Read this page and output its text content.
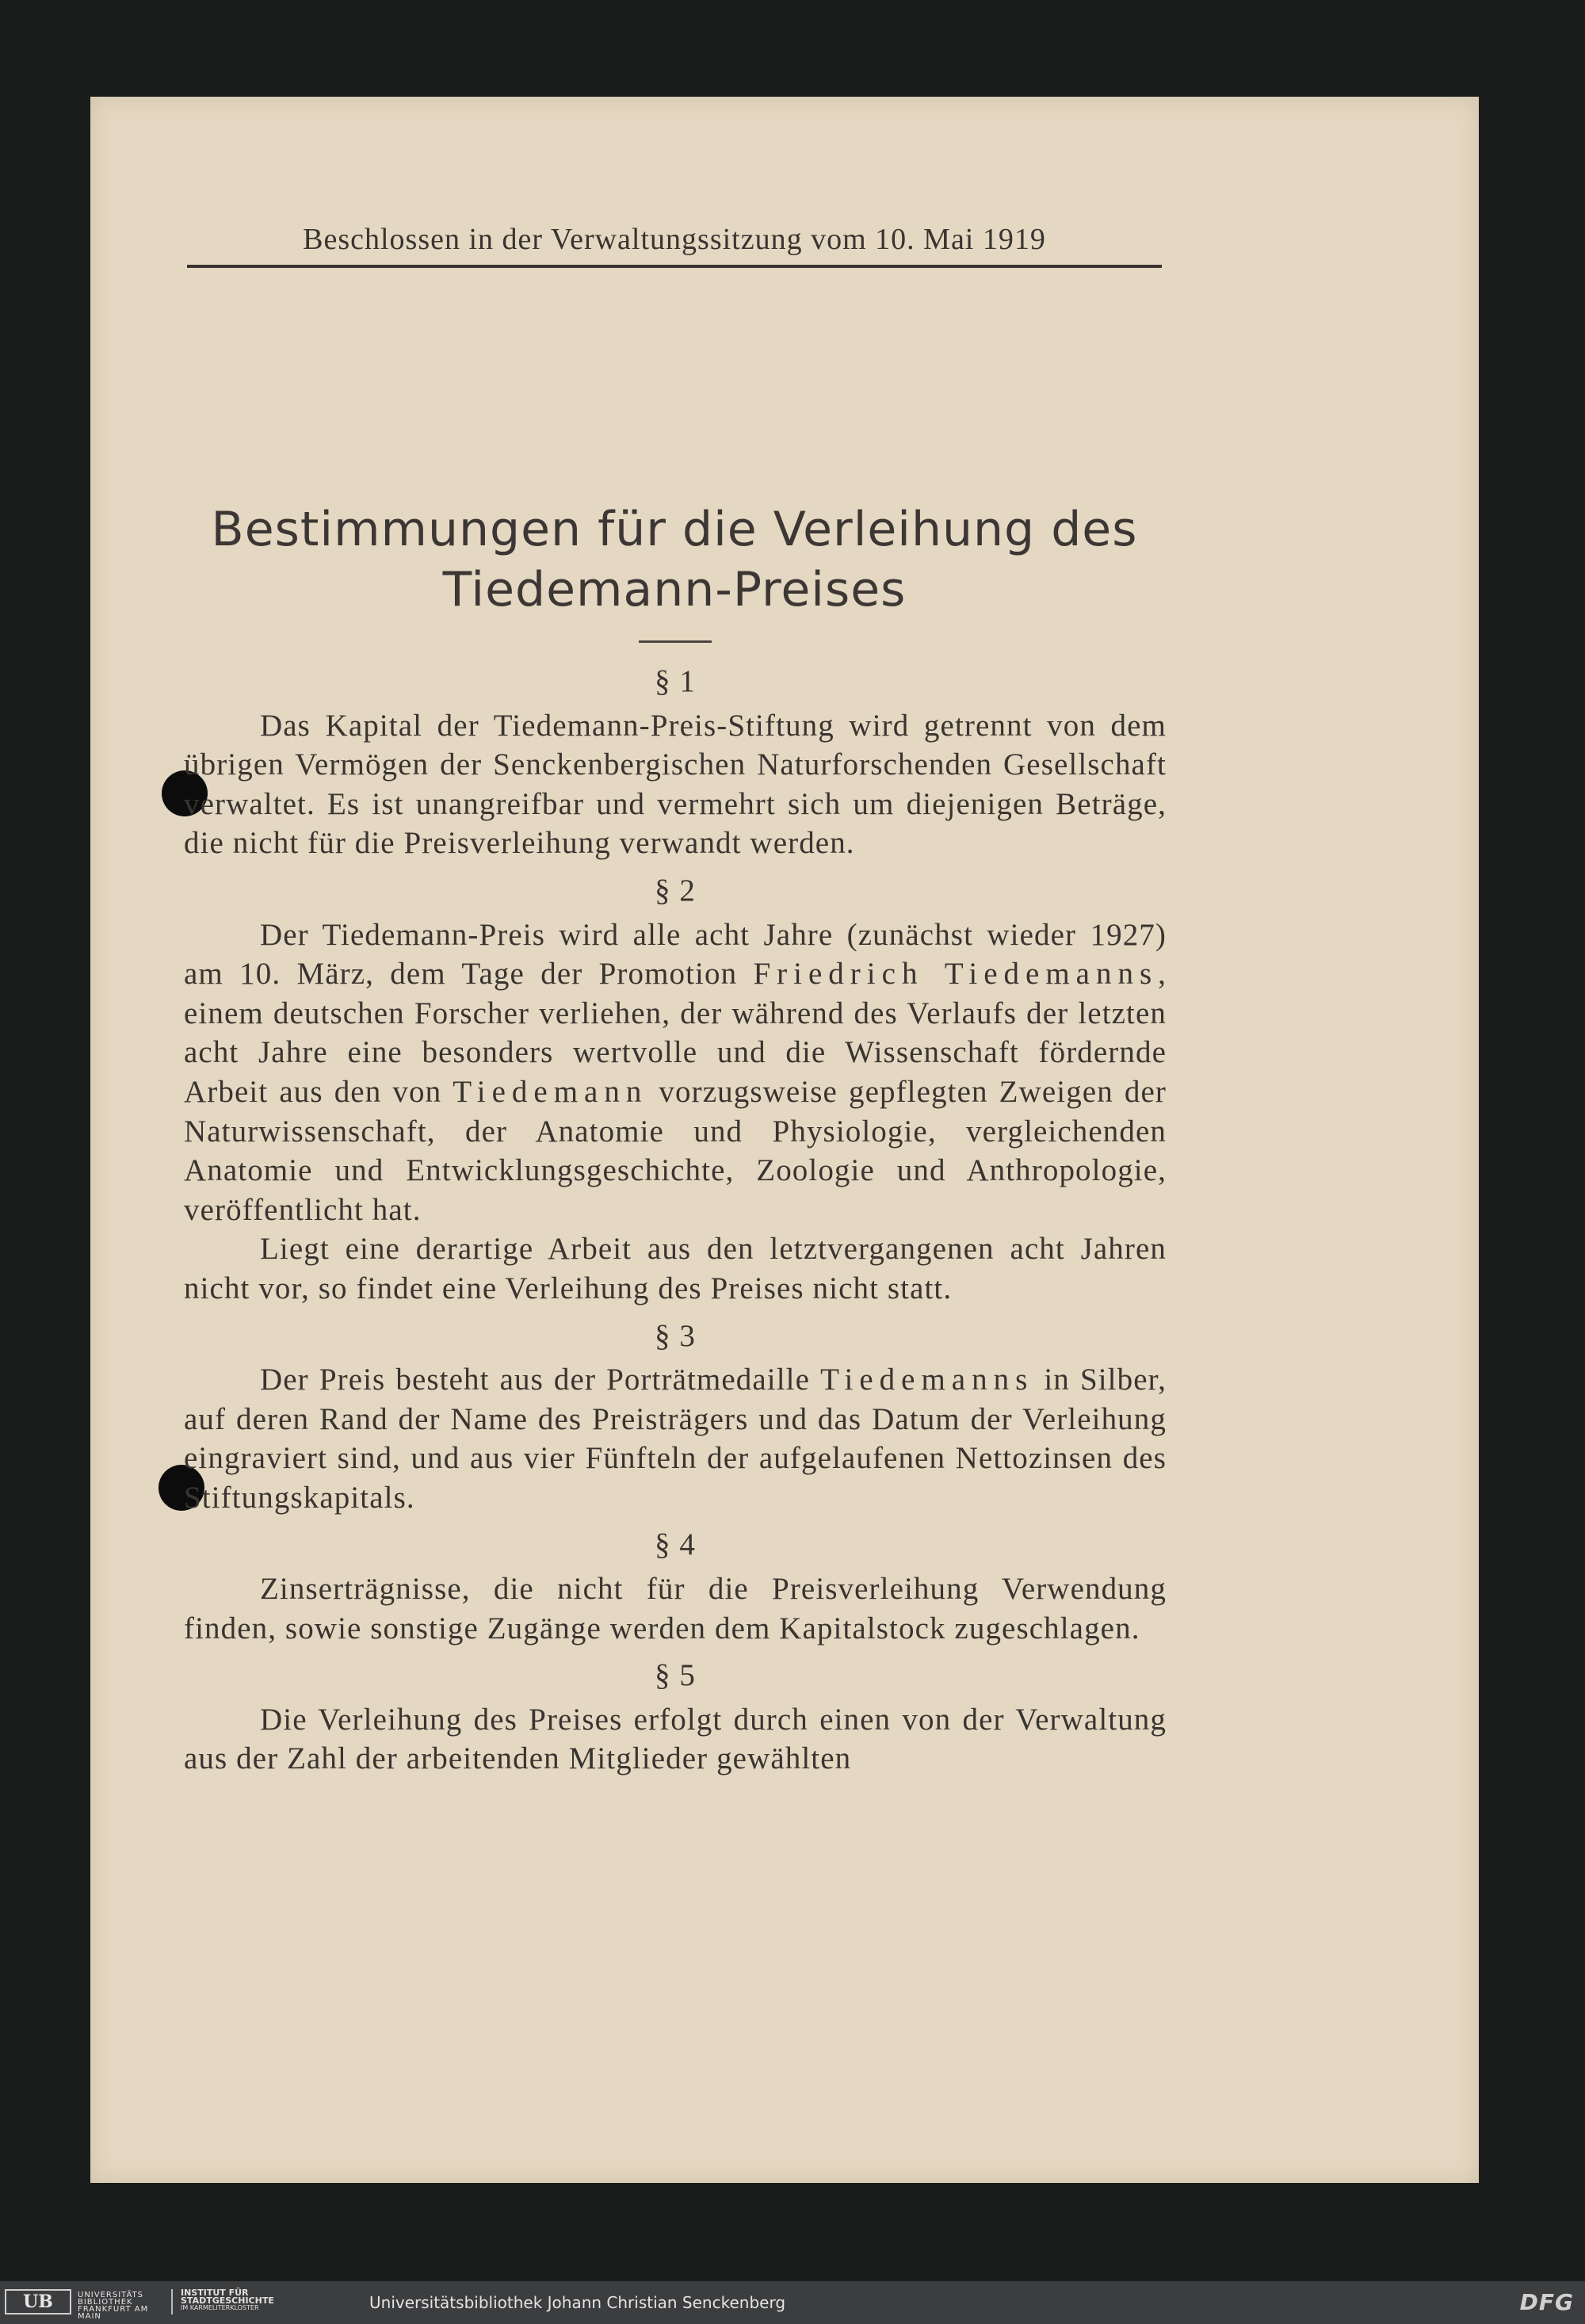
Beschlossen in der Verwaltungssitzung vom 10. Mai 1919
Bestimmungen für die Verleihung des
Tiedemann-Preises
§ 1

Das Kapital der Tiedemann-Preis-Stiftung wird getrennt von dem übrigen Vermögen der Senckenbergischen Naturforschenden Gesellschaft verwaltet. Es ist unangreifbar und vermehrt sich um diejenigen Beträge, die nicht für die Preisverleihung verwandt werden.

§ 2

Der Tiedemann-Preis wird alle acht Jahre (zunächst wieder 1927) am 10. März, dem Tage der Promotion Friedrich Tiedemanns, einem deutschen Forscher verliehen, der während des Verlaufs der letzten acht Jahre eine besonders wertvolle und die Wissenschaft fördernde Arbeit aus den von Tiedemann vorzugsweise gepflegten Zweigen der Naturwissenschaft, der Anatomie und Physiologie, vergleichenden Anatomie und Entwicklungsgeschichte, Zoologie und Anthropologie, veröffentlicht hat.

Liegt eine derartige Arbeit aus den letztvergangenen acht Jahren nicht vor, so findet eine Verleihung des Preises nicht statt.

§ 3

Der Preis besteht aus der Porträtmedaille Tiedemanns in Silber, auf deren Rand der Name des Preisträgers und das Datum der Verleihung eingraviert sind, und aus vier Fünfteln der aufgelaufenen Nettozinsen des Stiftungskapitals.

§ 4

Zinserträgnisse, die nicht für die Preisverleihung Verwendung finden, sowie sonstige Zugänge werden dem Kapitalstock zugeschlagen.

§ 5

Die Verleihung des Preises erfolgt durch einen von der Verwaltung aus der Zahl der arbeitenden Mitglieder gewählten

UB	UNIVERSITÄTS
BIBLIOTHEK
FRANKFURT AM MAIN
INSTITUT FÜR
STADTGESCHICHTE
IM KARMELITERKLOSTER	Universitätsbibliothek Johann Christian Senckenberg	DFG
